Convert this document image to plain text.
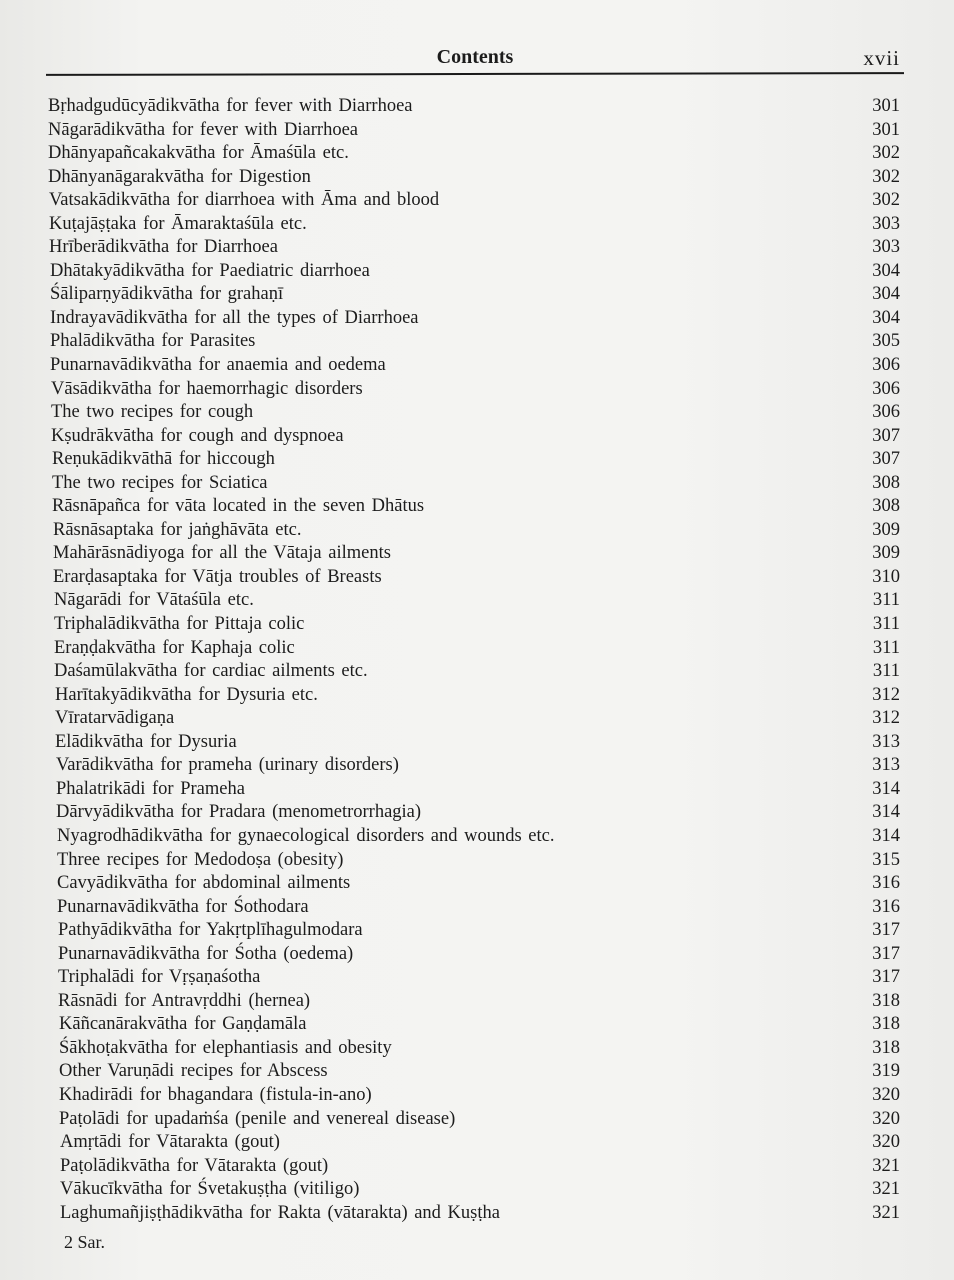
Contents	xvii
Bṛhadgudūcyādikvātha for fever with Diarrhoea	301
Nāgarādikvātha for fever with Diarrhoea	301
Dhānyapañcakakvātha for Āmaśūla etc.	302
Dhānyanāgarakvātha for Digestion	302
Vatsakādikvātha for diarrhoea with Āma and blood	302
Kuṭajāṣṭaka for Āmaraktaśūla etc.	303
Hrīberādikvātha for Diarrhoea	303
Dhātakyādikvātha for Paediatric diarrhoea	304
Śāliparṇyādikvātha for grahaṇī	304
Indrayavādikvātha for all the types of Diarrhoea	304
Phalādikvātha for Parasites	305
Punarnavādikvātha for anaemia and oedema	306
Vāsādikvātha for haemorrhagic disorders	306
The two recipes for cough	306
Kṣudrākvātha for cough and dyspnoea	307
Reṇukādikvāthā for hiccough	307
The two recipes for Sciatica	308
Rāsnāpañca for vāta located in the seven Dhātus	308
Rāsnāsaptaka for jaṅghāvāta etc.	309
Mahārāsnādiyoga for all the Vātaja ailments	309
Erarḍasaptaka for Vātja troubles of Breasts	310
Nāgarādi for Vātaśūla etc.	311
Triphalādikvātha for Pittaja colic	311
Eraṇḍakvātha for Kaphaja colic	311
Daśamūlakvātha for cardiac ailments etc.	311
Harītakyādikvātha for Dysuria etc.	312
Vīratarvādigaṇa	312
Elādikvātha for Dysuria	313
Varādikvātha for prameha (urinary disorders)	313
Phalatrikādi for Prameha	314
Dārvyādikvātha for Pradara (menometrorrhagia)	314
Nyagrodhādikvātha for gynaecological disorders and wounds etc.	314
Three recipes for Medodoṣa (obesity)	315
Cavyādikvātha for abdominal ailments	316
Punarnavādikvātha for Śothodara	316
Pathyādikvātha for Yakṛtplīhagulmodara	317
Punarnavādikvātha for Śotha (oedema)	317
Triphalādi for Vṛṣaṇaśotha	317
Rāsnādi for Antravṛddhi (hernea)	318
Kāñcanārakvātha for Gaṇḍamāla	318
Śākhoṭakvātha for elephantiasis and obesity	318
Other Varuṇādi recipes for Abscess	319
Khadirādi for bhagandara (fistula-in-ano)	320
Paṭolādi for upadaṁśa (penile and venereal disease)	320
Amṛtādi for Vātarakta (gout)	320
Paṭolādikvātha for Vātarakta (gout)	321
Vākucīkvātha for Śvetakuṣṭha (vitiligo)	321
Laghumañjiṣṭhādikvātha for Rakta (vātarakta) and Kuṣṭha	321
2 Sar.
